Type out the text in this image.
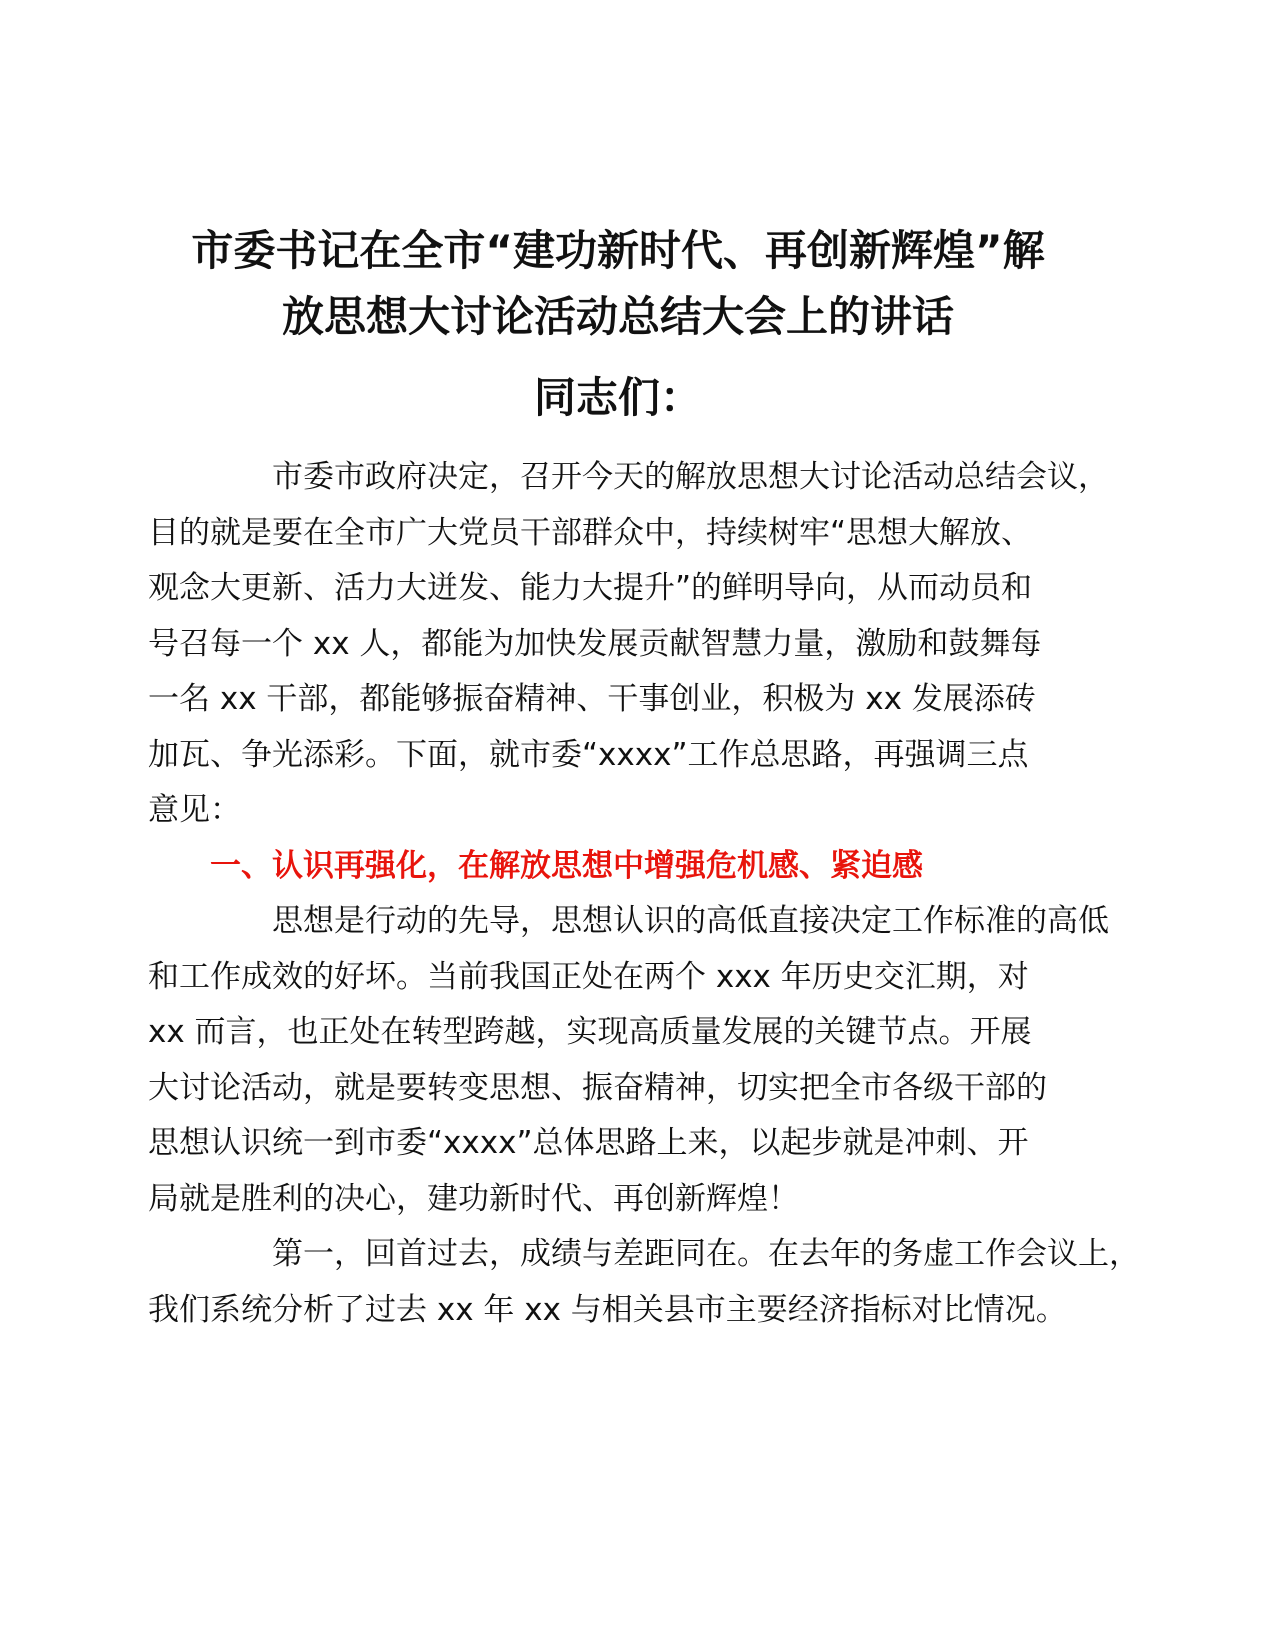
市委书记在全市“建功新时代、再创新辉煌”解
放思想大讨论活动总结大会上的讲话
同志们：
市委市政府决定，召开今天的解放思想大讨论活动总结会议，
目的就是要在全市广大党员干部群众中，持续树牢“思想大解放、
观念大更新、活力大迸发、能力大提升”的鲜明导向，从而动员和
号召每一个 xx 人，都能为加快发展贡献智慧力量，激励和鼓舞每
一名 xx 干部，都能够振奋精神、干事创业，积极为 xx 发展添砖
加瓦、争光添彩。下面，就市委“xxxx”工作总思路，再强调三点
意见：
一、认识再强化，在解放思想中增强危机感、紧迫感
思想是行动的先导，思想认识的高低直接决定工作标准的高低
和工作成效的好坏。当前我国正处在两个 xxx 年历史交汇期，对
xx 而言，也正处在转型跨越，实现高质量发展的关键节点。开展
大讨论活动，就是要转变思想、振奋精神，切实把全市各级干部的
思想认识统一到市委“xxxx”总体思路上来，以起步就是冲刺、开
局就是胜利的决心，建功新时代、再创新辉煌！
第一，回首过去，成绩与差距同在。在去年的务虚工作会议上，
我们系统分析了过去 xx 年 xx 与相关县市主要经济指标对比情况。
